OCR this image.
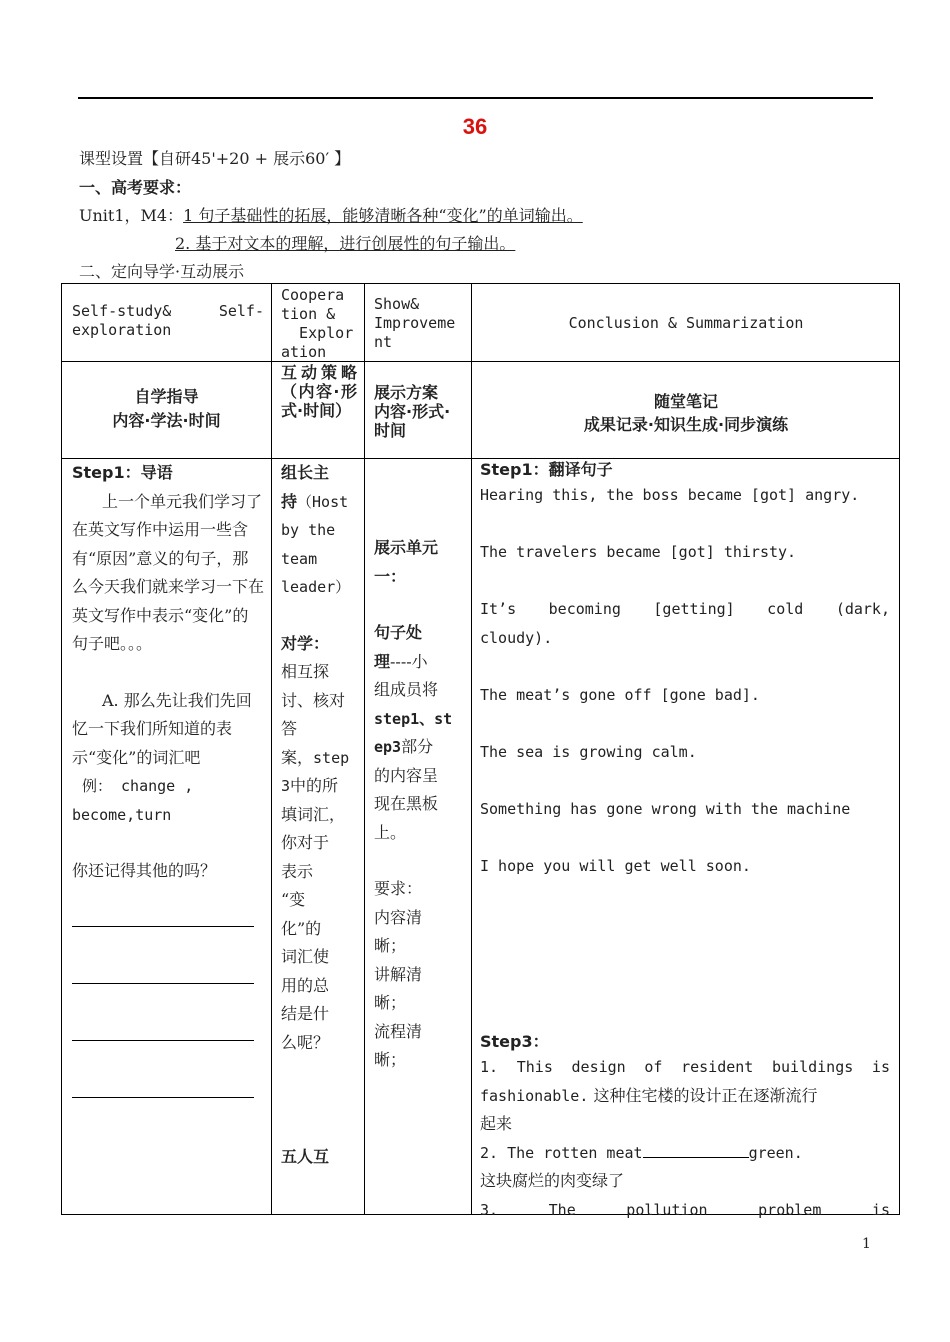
36
课型设置【自研45'+20 + 展示60′ 】
一、高考要求：
Unit1，M4：1 句子基础性的拓展，能够清晰各种“变化”的单词输出。
2. 基于对文本的理解，进行创展性的句子输出。
二、定向导学·互动展示
Self-study& Self-exploration
Coopera
tion &
Explor
ation
Show&
Improveme
nt
Conclusion & Summarization
自学指导
内容·学法·时间
互动策略（内容·形式·时间）
展示方案
内容·形式·时间
随堂笔记
成果记录·知识生成·同步演练
Step1：导语
上一个单元我们学习了在英文写作中运用一些含有“原因”意义的句子，那么今天我们就来学习一下在英文写作中表示“变化”的句子吧。。。
A. 那么先让我们先回忆一下我们所知道的表示“变化”的词汇吧
例： change ,
become,turn
你还记得其他的吗？
组长主
持（Host
by the
team
leader）
对学：
相互探
讨、核对
答
案，step
3中的所
填词汇，
你对于
表示
“变
化”的
词汇使
用的总
结是什
么呢？
五人互
展示单元
一：
句子处
理----小
组成员将
step1、st
ep3部分
的内容呈
现在黑板
上。
要求：
内容清
晰；
讲解清
晰；
流程清
晰；
Step1：翻译句子
Hearing this, the boss became [got] angry.
The travelers became [got] thirsty.
It’s becoming [getting] cold (dark,
cloudy).
The meat’s gone off [gone bad].
The sea is growing calm.
Something has gone wrong with the machine
I hope you will get well soon.
Step3：
1. This design of resident buildings is
fashionable. 这种住宅楼的设计正在逐渐流行
起来
2. The rotten meat	green.
这块腐烂的肉变绿了
3. The pollution problem is
1
